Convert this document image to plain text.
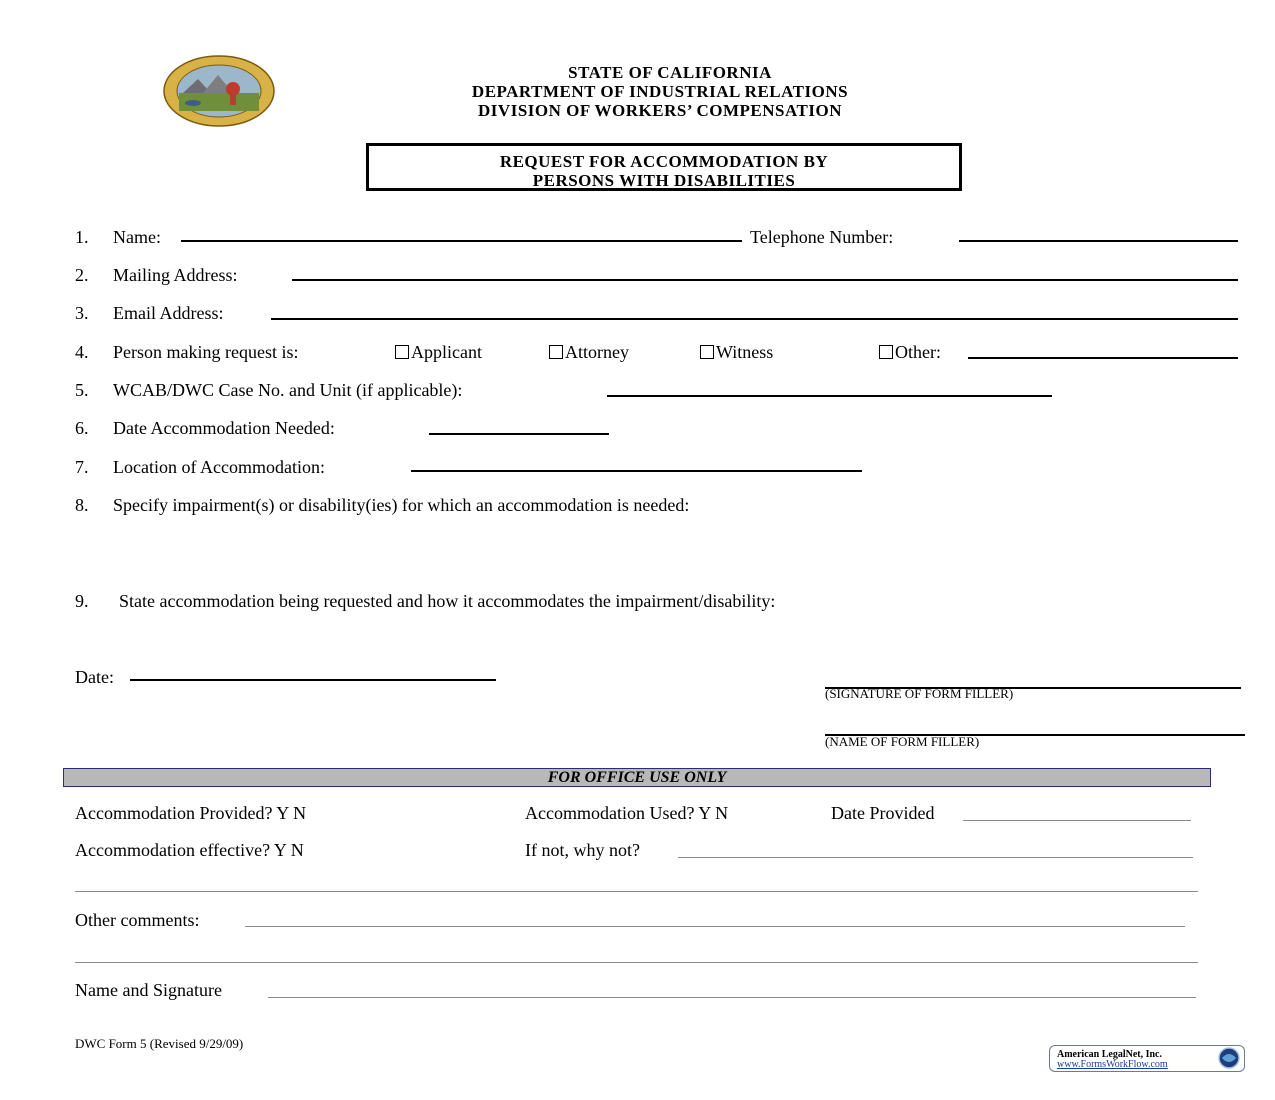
STATE OF CALIFORNIA
DEPARTMENT OF INDUSTRIAL RELATIONS
DIVISION OF WORKERS’ COMPENSATION
REQUEST FOR ACCOMMODATION BY
PERSONS WITH DISABILITIES
1. Name:	Telephone Number:
2. Mailing Address:
3. Email Address:
4. Person making request is:	Applicant	Attorney	Witness	Other:
5. WCAB/DWC Case No. and Unit (if applicable):
6. Date Accommodation Needed:
7. Location of Accommodation:
8. Specify impairment(s) or disability(ies) for which an accommodation is needed:
9. State accommodation being requested and how it accommodates the impairment/disability:
Date:
(SIGNATURE OF FORM FILLER)
(NAME OF FORM FILLER)
FOR OFFICE USE ONLY
Accommodation Provided? Y N	Accommodation Used? Y N	Date Provided
Accommodation effective? Y N	If not, why not?
Other comments:
Name and Signature
DWC Form 5 (Revised 9/29/09)
American LegalNet, Inc.
www.FormsWorkFlow.com
